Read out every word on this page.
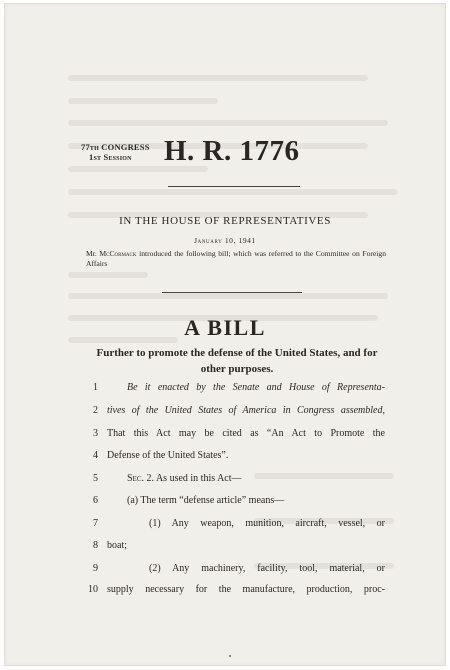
77th CONGRESS
1st Session	H. R. 1776
IN THE HOUSE OF REPRESENTATIVES
January 10, 1941
Mr. McCormack introduced the following bill; which was referred to the Committee on Foreign Affairs
A BILL
Further to promote the defense of the United States, and for other purposes.
1	Be it enacted by the Senate and House of Representa-
2 tives of the United States of America in Congress assembled,
3 That this Act may be cited as “An Act to Promote the
4 Defense of the United States”.
5	Sec. 2. As used in this Act—
6	(a) The term “defense article” means—
7	(1) Any weapon, munition, aircraft, vessel, or
8 boat;
9	(2) Any machinery, facility, tool, material, or
10 supply necessary for the manufacture, production, proc-
